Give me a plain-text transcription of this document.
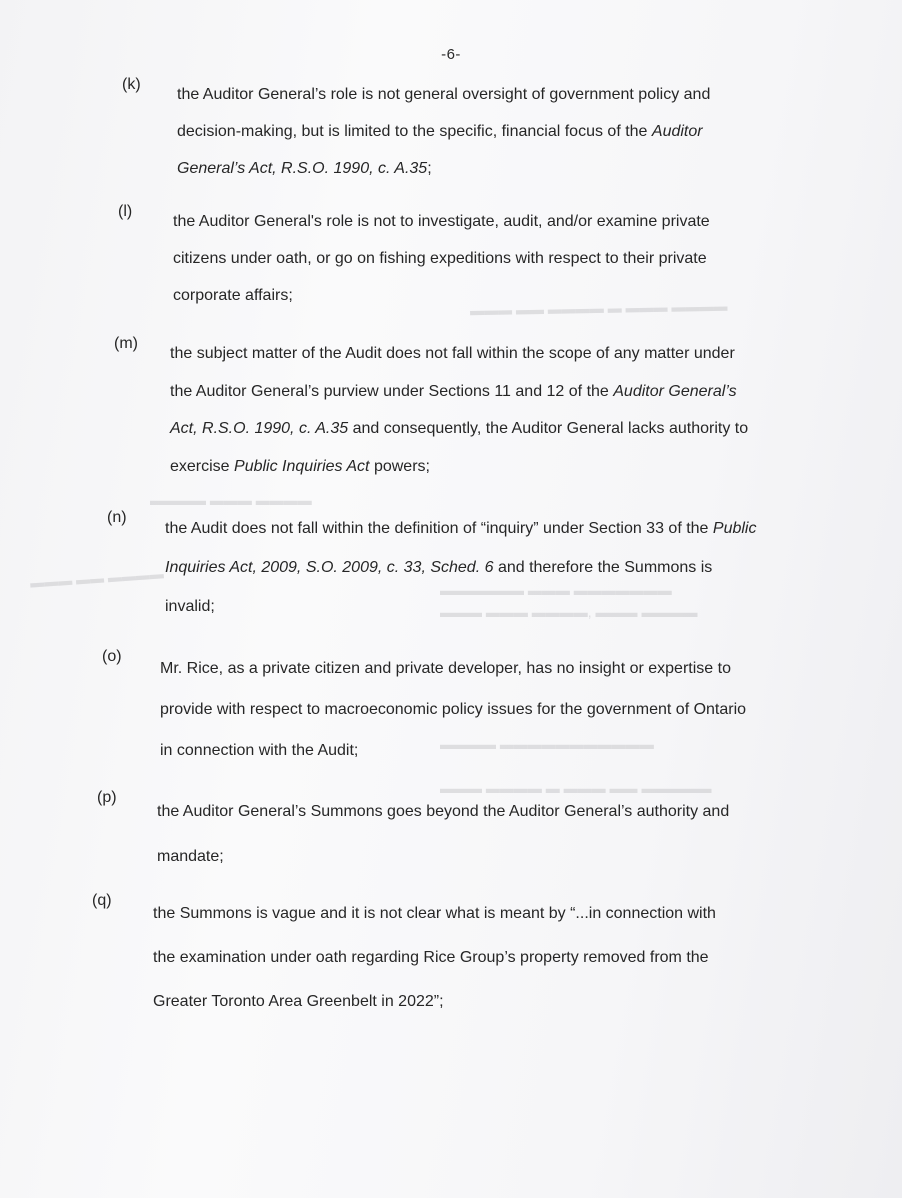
▬▬▬ ▬▬ ▬▬▬▬ ▬ ▬▬▬ ▬▬▬▬
▬▬▬▬ ▬▬▬ ▬▬▬▬
▬▬▬ ▬▬ ▬▬▬▬	▬▬▬▬▬▬ ▬▬▬ ▬▬▬▬▬▬▬
▬▬▬ ▬▬▬ ▬▬▬▬, ▬▬▬ ▬▬▬▬
▬▬▬▬ ▬▬▬▬▬▬▬▬▬▬▬
▬▬▬ ▬▬▬▬ ▬ ▬▬▬ ▬▬ ▬▬▬▬▬
-6-
(k)
the Auditor General’s role is not general oversight of government policy and
decision-making, but is limited to the specific, financial focus of the Auditor
General’s Act, R.S.O. 1990, c. A.35;
(l)
the Auditor General's role is not to investigate, audit, and/or examine private
citizens under oath, or go on fishing expeditions with respect to their private
corporate affairs;
(m)
the subject matter of the Audit does not fall within the scope of any matter under
the Auditor General’s purview under Sections 11 and 12 of the Auditor General’s
Act, R.S.O. 1990, c. A.35 and consequently, the Auditor General lacks authority to
exercise Public Inquiries Act powers;
(n)
the Audit does not fall within the definition of “inquiry” under Section 33 of the Public
Inquiries Act, 2009, S.O. 2009, c. 33, Sched. 6 and therefore the Summons is
invalid;
(o)
Mr. Rice, as a private citizen and private developer, has no insight or expertise to
provide with respect to macroeconomic policy issues for the government of Ontario
in connection with the Audit;
(p)
the Auditor General’s Summons goes beyond the Auditor General’s authority and
mandate;
(q)
the Summons is vague and it is not clear what is meant by “...in connection with
the examination under oath regarding Rice Group’s property removed from the
Greater Toronto Area Greenbelt in 2022”;
